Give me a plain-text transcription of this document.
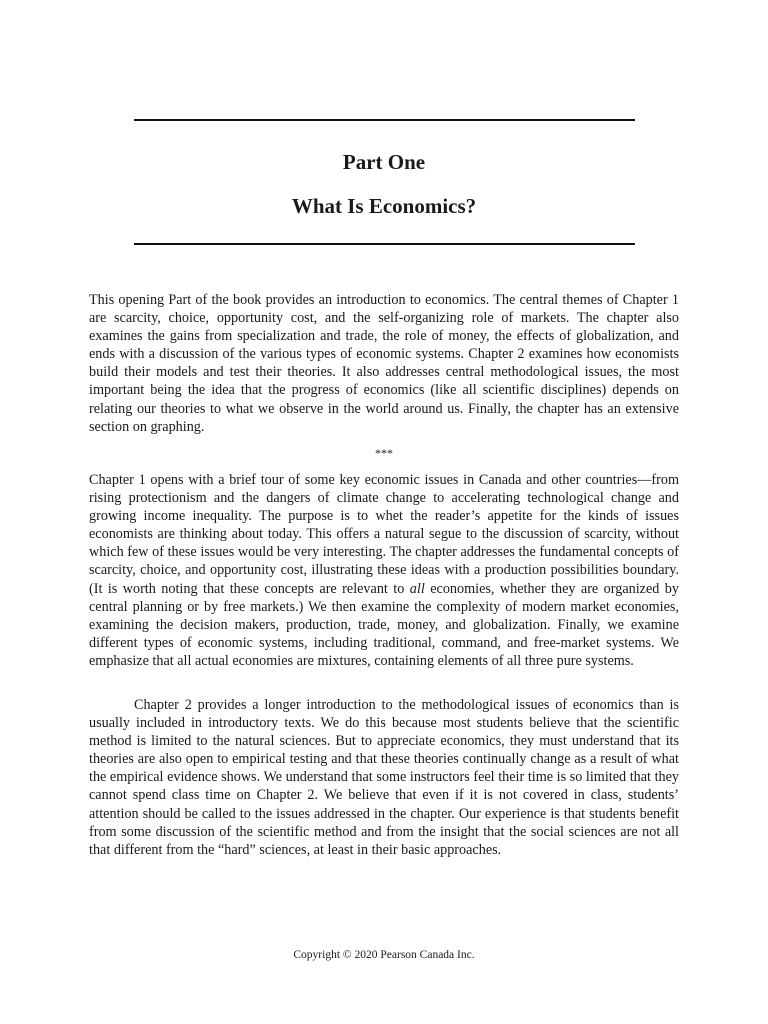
Part One
What Is Economics?

This opening Part of the book provides an introduction to economics. The central themes of Chapter 1 are scarcity, choice, opportunity cost, and the self-organizing role of markets. The chapter also examines the gains from specialization and trade, the role of money, the effects of globalization, and ends with a discussion of the various types of economic systems. Chapter 2 examines how economists build their models and test their theories. It also addresses central methodological issues, the most important being the idea that the progress of economics (like all scientific disciplines) depends on relating our theories to what we observe in the world around us. Finally, the chapter has an extensive section on graphing.

***

Chapter 1 opens with a brief tour of some key economic issues in Canada and other countries—from rising protectionism and the dangers of climate change to accelerating technological change and growing income inequality. The purpose is to whet the reader’s appetite for the kinds of issues economists are thinking about today. This offers a natural segue to the discussion of scarcity, without which few of these issues would be very interesting. The chapter addresses the fundamental concepts of scarcity, choice, and opportunity cost, illustrating these ideas with a production possibilities boundary. (It is worth noting that these concepts are relevant to all economies, whether they are organized by central planning or by free markets.) We then examine the complexity of modern market economies, examining the decision makers, production, trade, money, and globalization. Finally, we examine different types of economic systems, including traditional, command, and free-market systems. We emphasize that all actual economies are mixtures, containing elements of all three pure systems.

Chapter 2 provides a longer introduction to the methodological issues of economics than is usually included in introductory texts. We do this because most students believe that the scientific method is limited to the natural sciences. But to appreciate economics, they must understand that its theories are also open to empirical testing and that these theories continually change as a result of what the empirical evidence shows. We understand that some instructors feel their time is so limited that they cannot spend class time on Chapter 2. We believe that even if it is not covered in class, students’ attention should be called to the issues addressed in the chapter. Our experience is that students benefit from some discussion of the scientific method and from the insight that the social sciences are not all that different from the “hard” sciences, at least in their basic approaches.

Copyright © 2020 Pearson Canada Inc.
